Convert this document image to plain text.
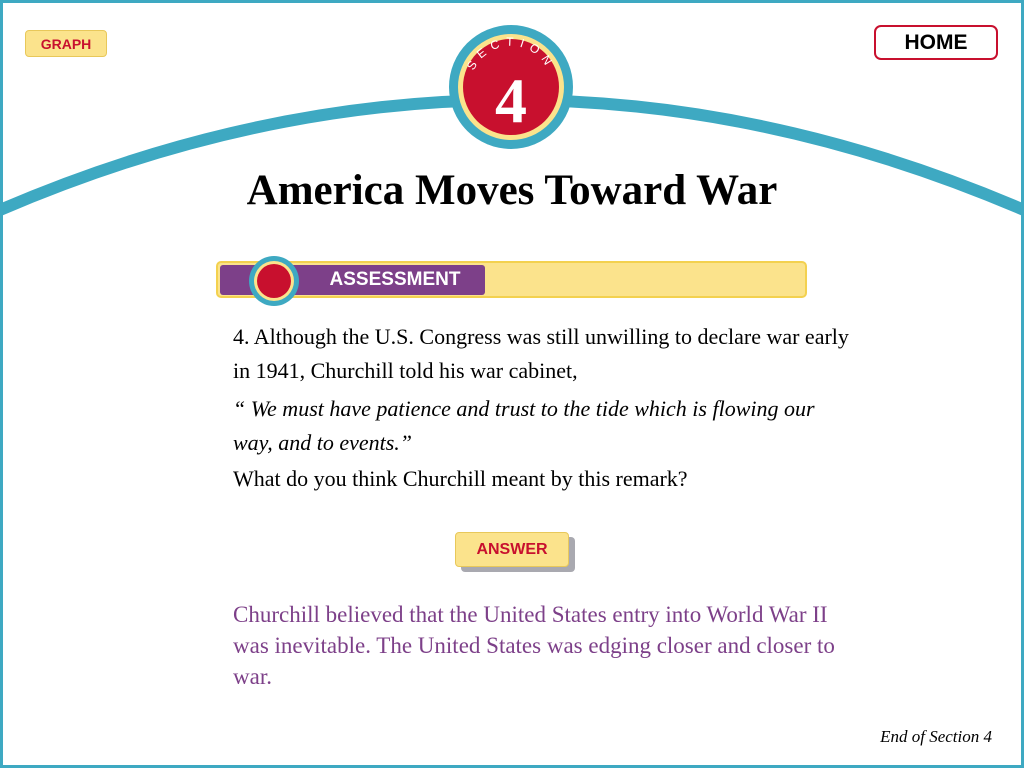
GRAPH	HOME
SECTION
4
America Moves Toward War
ASSESSMENT

4. Although the U.S. Congress was still unwilling to declare war early in 1941, Churchill told his war cabinet,

“ We must have patience and trust to the tide which is flowing our way, and to events.”

What do you think Churchill meant by this remark?

ANSWER
Churchill believed that the United States entry into World War II was inevitable. The United States was edging closer and closer to war.
End of Section 4
